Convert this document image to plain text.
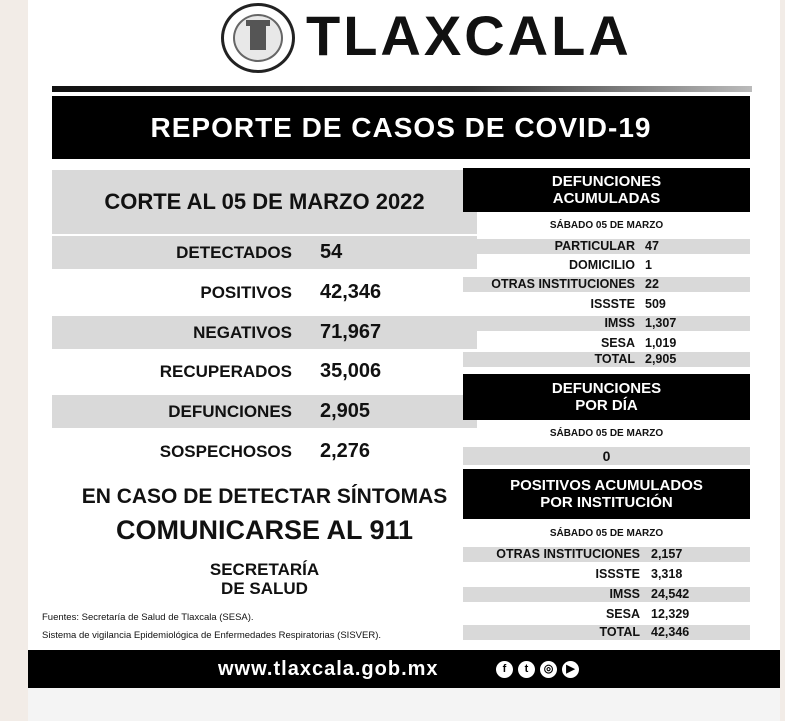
TLAXCALA
REPORTE DE CASOS DE COVID-19
CORTE AL 05 DE MARZO 2022
DETECTADOS 54
POSITIVOS 42,346
NEGATIVOS 71,967
RECUPERADOS 35,006
DEFUNCIONES 2,905
SOSPECHOSOS 2,276
EN CASO DE DETECTAR SÍNTOMAS
COMUNICARSE AL 911
SECRETARÍA
DE SALUD
Fuentes: Secretaría de Salud de Tlaxcala (SESA).
Sistema de vigilancia Epidemiológica de Enfermedades Respiratorias (SISVER).
DEFUNCIONES
ACUMULADAS
SÁBADO 05 DE MARZO
PARTICULAR 47
DOMICILIO 1
OTRAS INSTITUCIONES 22
ISSSTE 509
IMSS 1,307
SESA 1,019
TOTAL 2,905
DEFUNCIONES
POR DÍA
SÁBADO 05 DE MARZO
0
POSITIVOS ACUMULADOS
POR INSTITUCIÓN
SÁBADO 05 DE MARZO
OTRAS INSTITUCIONES 2,157
ISSSTE 3,318
IMSS 24,542
SESA 12,329
TOTAL 42,346
www.tlaxcala.gob.mx	f	t	◎	▶
